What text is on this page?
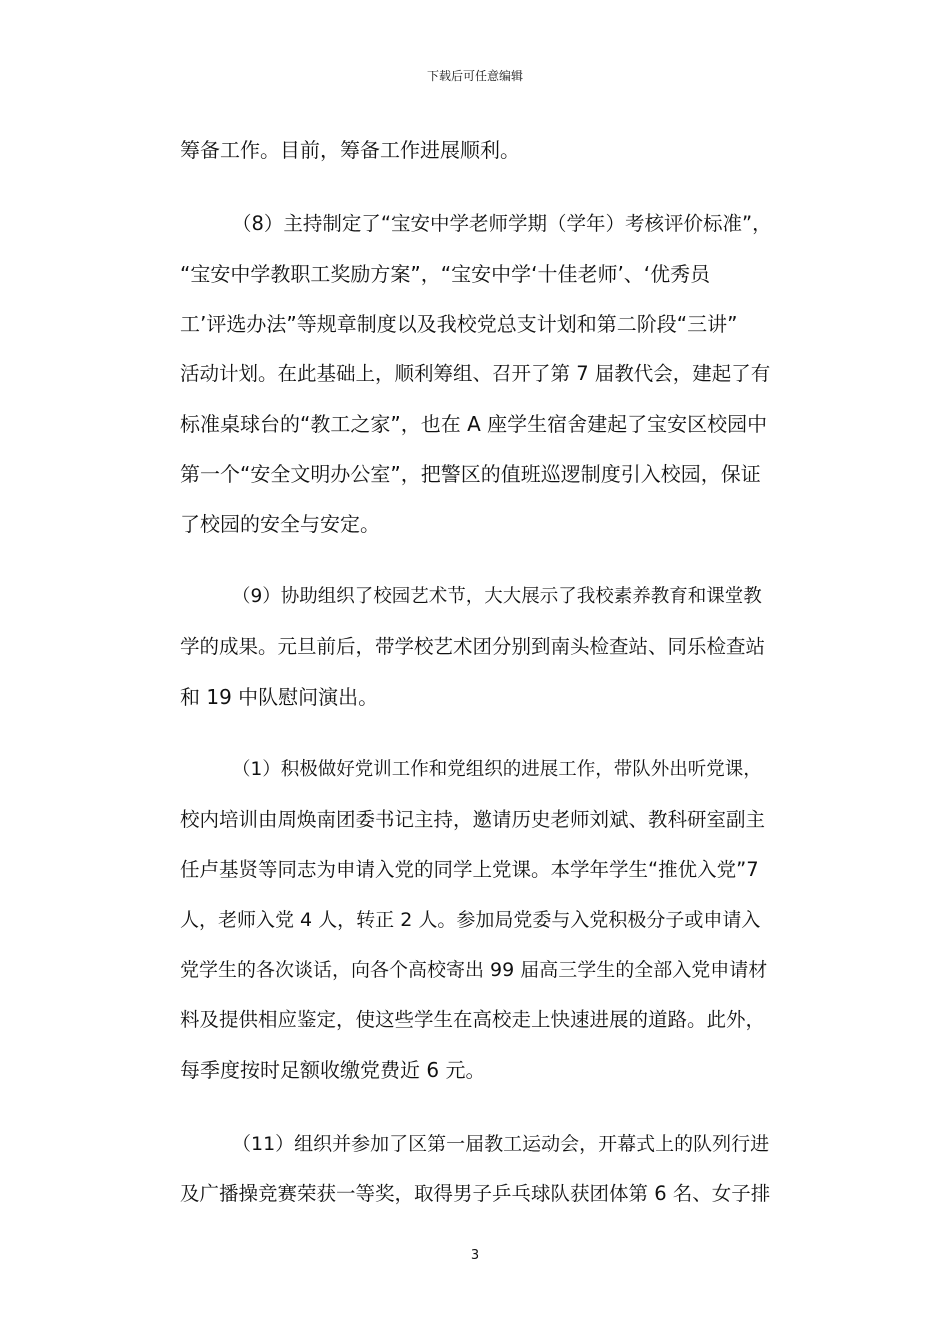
下载后可任意编辑
筹备工作。目前，筹备工作进展顺利。
（8）主持制定了“宝安中学老师学期（学年）考核评价标准”，
“宝安中学教职工奖励方案”，“宝安中学‘十佳老师’、‘优秀员
工’评选办法”等规章制度以及我校党总支计划和第二阶段“三讲”
活动计划。在此基础上，顺利筹组、召开了第 7 届教代会，建起了有
标准桌球台的“教工之家”，也在 A 座学生宿舍建起了宝安区校园中
第一个“安全文明办公室”，把警区的值班巡逻制度引入校园，保证
了校园的安全与安定。
（9）协助组织了校园艺术节，大大展示了我校素养教育和课堂教
学的成果。元旦前后，带学校艺术团分别到南头检查站、同乐检查站
和 19 中队慰问演出。
（1）积极做好党训工作和党组织的进展工作，带队外出听党课，
校内培训由周焕南团委书记主持，邀请历史老师刘斌、教科研室副主
任卢基贤等同志为申请入党的同学上党课。本学年学生“推优入党”7
人，老师入党 4 人，转正 2 人。参加局党委与入党积极分子或申请入
党学生的各次谈话，向各个高校寄出 99 届高三学生的全部入党申请材
料及提供相应鉴定，使这些学生在高校走上快速进展的道路。此外，
每季度按时足额收缴党费近 6 元。
（11）组织并参加了区第一届教工运动会，开幕式上的队列行进
及广播操竞赛荣获一等奖，取得男子乒乓球队获团体第 6 名、女子排
3
